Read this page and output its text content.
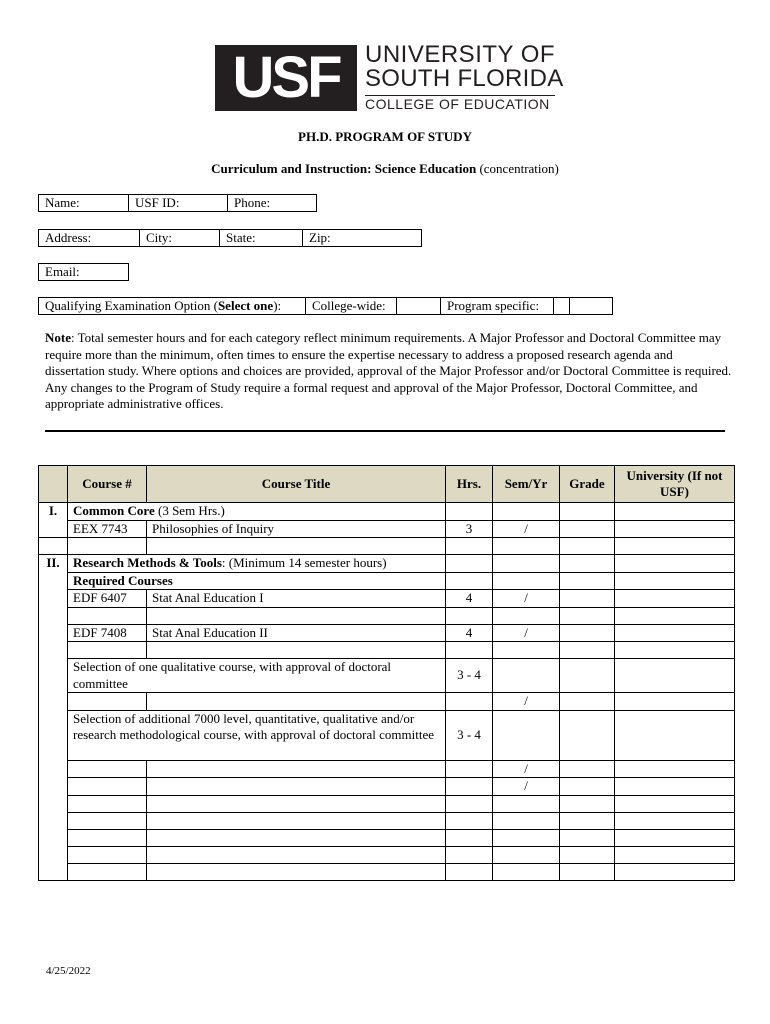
USF	UNIVERSITY OF
SOUTH FLORIDA
COLLEGE OF EDUCATION
PH.D. PROGRAM OF STUDY
Curriculum and Instruction: Science Education (concentration)
Name:	USF ID:	Phone:
Address:	City:	State:	Zip:
Email:
Qualifying Examination Option (Select one):	College-wide:	Program specific:
Note: Total semester hours and for each category reflect minimum requirements. A Major Professor and Doctoral Committee may require more than the minimum, often times to ensure the expertise necessary to address a proposed research agenda and dissertation study. Where options and choices are provided, approval of the Major Professor and/or Doctoral Committee is required. Any changes to the Program of Study require a formal request and approval of the Major Professor, Doctoral Committee, and appropriate administrative offices.
	Course #	Course Title	Hrs.	Sem/Yr	Grade	University (If not USF)
I.	Common Core (3 Sem Hrs.)					
	EEX 7743	Philosophies of Inquiry	3	/		

II.	Research Methods & Tools: (Minimum 14 semester hours)					
	Required Courses					
	EDF 6407	Stat Anal Education I	4	/		

	EDF 7408	Stat Anal Education II	4	/		

	Selection of one qualitative course, with approval of doctoral committee		3 - 4			
				/		
	Selection of additional 7000 level, quantitative, qualitative and/or research methodological course, with approval of doctoral committee		3 - 4			
				/		
				/		

4/25/2022
